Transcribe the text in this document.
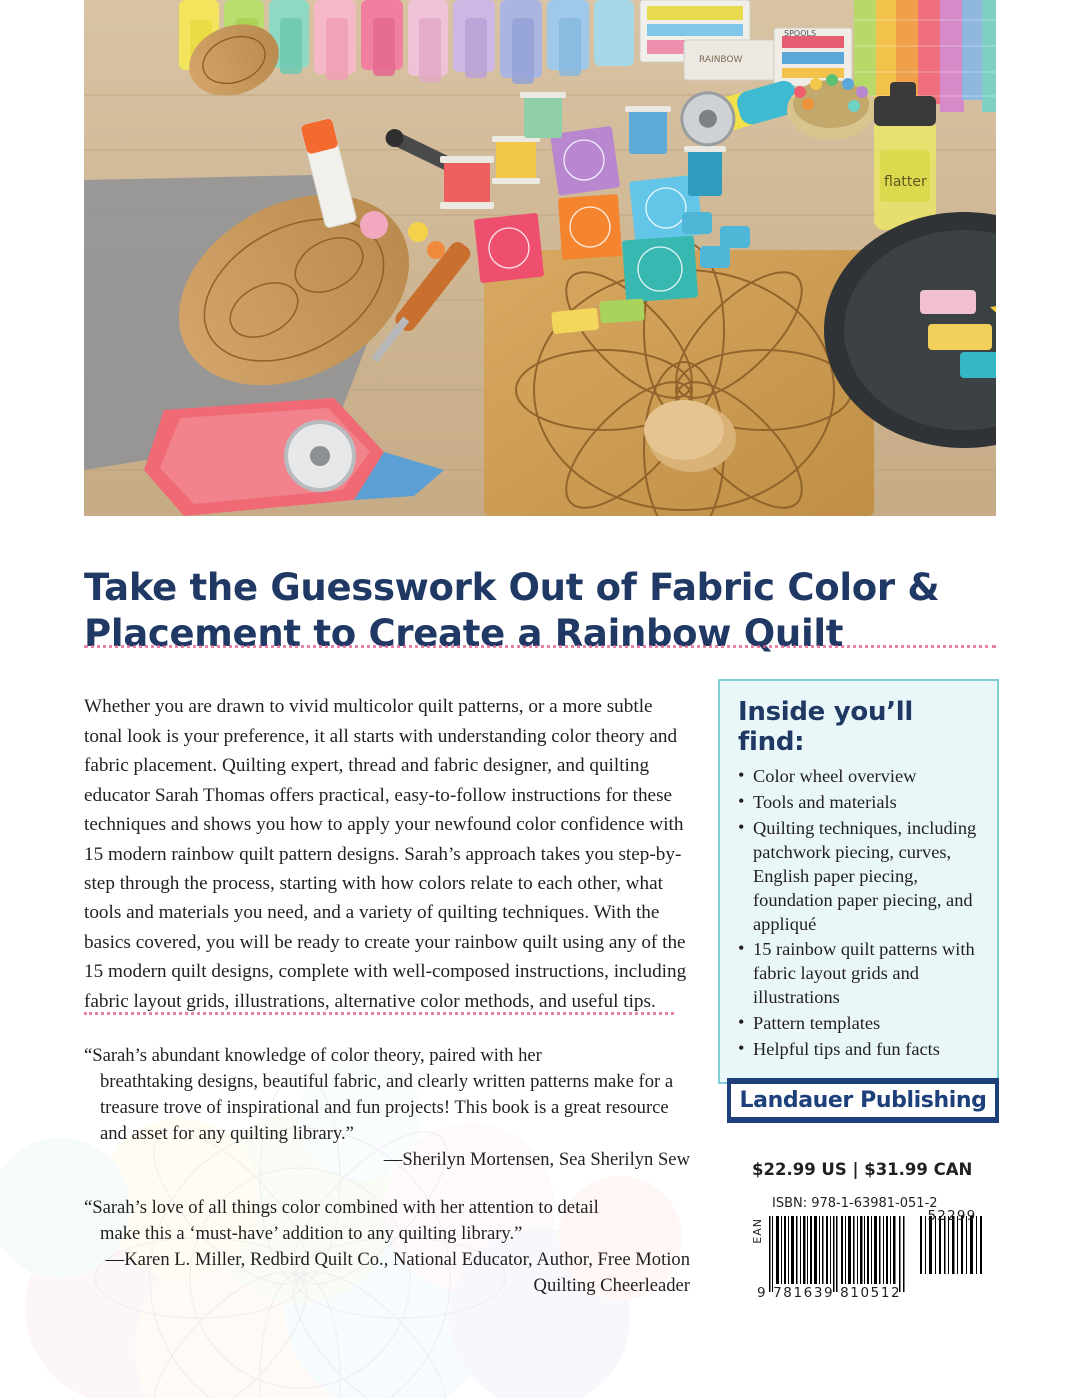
RAINBOW
SPOOLS
flatter
Take the Guesswork Out of Fabric Color & Placement to Create a Rainbow Quilt

Whether you are drawn to vivid multicolor quilt patterns, or a more subtle tonal look is your preference, it all starts with understanding color theory and fabric placement. Quilting expert, thread and fabric designer, and quilting educator Sarah Thomas offers practical, easy-to-follow instructions for these techniques and shows you how to apply your newfound color confidence with 15 modern rainbow quilt pattern designs. Sarah’s approach takes you step-by-step through the process, starting with how colors relate to each other, what tools and materials you need, and a variety of quilting techniques. With the basics covered, you will be ready to create your rainbow quilt using any of the 15 modern quilt designs, complete with well-composed instructions, including fabric layout grids, illustrations, alternative color methods, and useful tips.

Inside you’ll find:
• Color wheel overview
• Tools and materials
• Quilting techniques, including patchwork piecing, curves, English paper piecing, foundation paper piecing, and appliqué
• 15 rainbow quilt patterns with fabric layout grids and illustrations
• Pattern templates
• Helpful tips and fun facts
“Sarah’s abundant knowledge of color theory, paired with her
breathtaking designs, beautiful fabric, and clearly written patterns make for a treasure trove of inspirational and fun projects! This book is a great resource and asset for any quilting library.”
—Sherilyn Mortensen, Sea Sherilyn Sew
“Sarah’s love of all things color combined with her attention to detail
make this a ‘must-have’ addition to any quilting library.”
—Karen L. Miller, Redbird Quilt Co., National Educator, Author, Free Motion Quilting Cheerleader
Landauer Publishing
$22.99 US | $31.99 CAN
ISBN: 978-1-63981-051-2
EAN
9 781639 810512
52299
